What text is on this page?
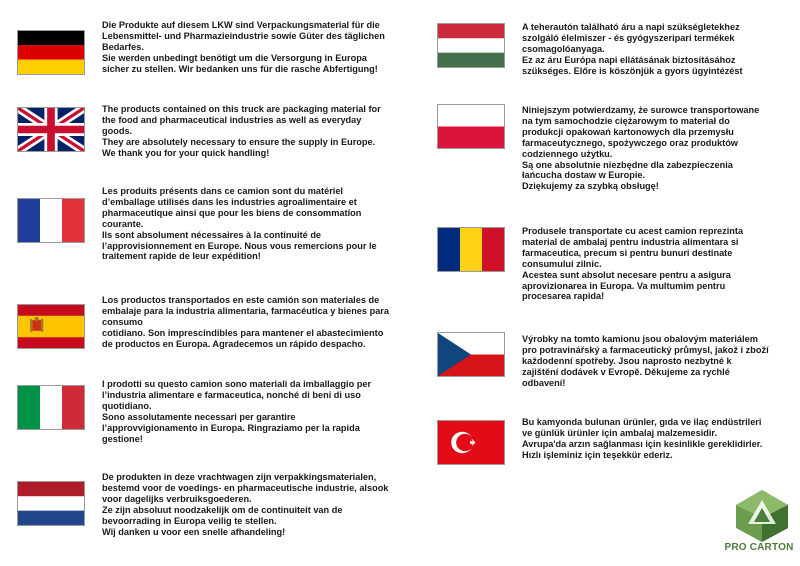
Die Produkte auf diesem LKW sind Verpackungsmaterial für die
Lebensmittel- und Pharmazieindustrie sowie Güter des täglichen
Bedarfes.
Sie werden unbedingt benötigt um die Versorgung in Europa
sicher zu stellen. Wir bedanken uns für die rasche Abfertigung!
The products contained on this truck are packaging material for
the food and pharmaceutical industries as well as everyday
goods.
They are absolutely necessary to ensure the supply in Europe.
We thank you for your quick handling!
Les produits présents dans ce camion sont du matériel
d’emballage utilisés dans les industries agroalimentaire et
pharmaceutique ainsi que pour les biens de consommation
courante.
Ils sont absolument nécessaires à la continuité de
l’approvisionnement en Europe. Nous vous remercions pour le
traitement rapide de leur expédition!
Los productos transportados en este camión son materiales de
embalaje para la industria alimentaria, farmacéutica y bienes para
consumo
cotidiano. Son imprescindibles para mantener el abastecimiento
de productos en Europa. Agradecemos un rápido despacho.
I prodotti su questo camion sono materiali da imballaggio per
l’industria alimentare e farmaceutica, nonché di beni di uso
quotidiano.
Sono assolutamente necessari per garantire
l’approvvigionamento in Europa. Ringraziamo per la rapida
gestione!
De produkten in deze vrachtwagen zijn verpakkingsmaterialen,
bestemd voor de voedings- en pharmaceutische industrie, alsook
voor dagelijks verbruiksgoederen.
Ze zijn absoluut noodzakelijk om de continuiteit van de
bevoorrading in Europa veilig te stellen.
Wij danken u voor een snelle afhandeling!
A teherautón található áru a napi szükségletekhez
szolgáló élelmiszer - és gyógyszeripari termékek
csomagolóanyaga.
Ez az áru Európa napi ellátásának biztosításához
szükséges. Előre is köszönjük a gyors ügyintézést
Niniejszym potwierdzamy, że surowce transportowane
na tym samochodzie ciężarowym to materiał do
produkcji opakowań kartonowych dla przemysłu
farmaceutycznego, spożywczego oraz produktów
codziennego użytku.
Są one absolutnie niezbędne dla zabezpieczenia
łańcucha dostaw w Europie.
Dziękujemy za szybką obsługę!
Produsele transportate cu acest camion reprezinta
material de ambalaj pentru industria alimentara si
farmaceutica, precum si pentru bunuri destinate
consumului zilnic.
Acestea sunt absolut necesare pentru a asigura
aprovizionarea in Europa. Va multumim pentru
procesarea rapida!
Výrobky na tomto kamionu jsou obalovým materiálem
pro potravinářský a farmaceutický průmysl, jakož i zboží
každodenní spotřeby. Jsou naprosto nezbytné k
zajištění dodávek v Evropě. Děkujeme za rychlé
odbavení!
Bu kamyonda bulunan ürünler, gıda ve ilaç endüstrileri
ve günlük ürünler için ambalaj malzemesidir.
Avrupa'da arzın sağlanması için kesinlikle gereklidirler.
Hızlı işleminiz için teşekkür ederiz.
PRO CARTON
